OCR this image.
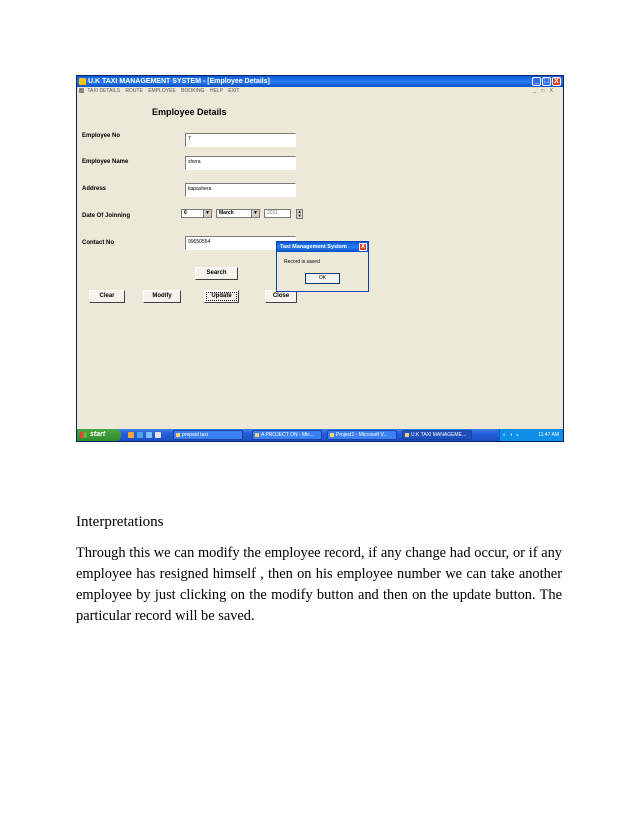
U.K TAXI MANAGEMENT SYSTEM - [Employee Details]	_ □ X
TAXI DETAILS ROUTE EMPLOYEE BOOKING HELP EXIT	_ □ X
Employee Details
Employee No	7
Employee Name	shera
Address	kapashera
Date Of Joinning	6	▼	March	▼	2011	▲
▼
Contact No	99650554
Search
Clear	Modify	Update	Close
Taxi Management System	X
Record is saved
OK
start	prepaid taxi	A PROJECT ON - Mic...	Project1 - Microsoft V...	U.K TAXI MANAGEME...	◐ ◑ ◒	11:47 AM
Interpretations

Through this we can modify the employee record, if any change had occur, or if any employee has resigned himself , then on his employee number we can take another employee by just clicking on the modify button and then on the update button. The particular record will be saved.
